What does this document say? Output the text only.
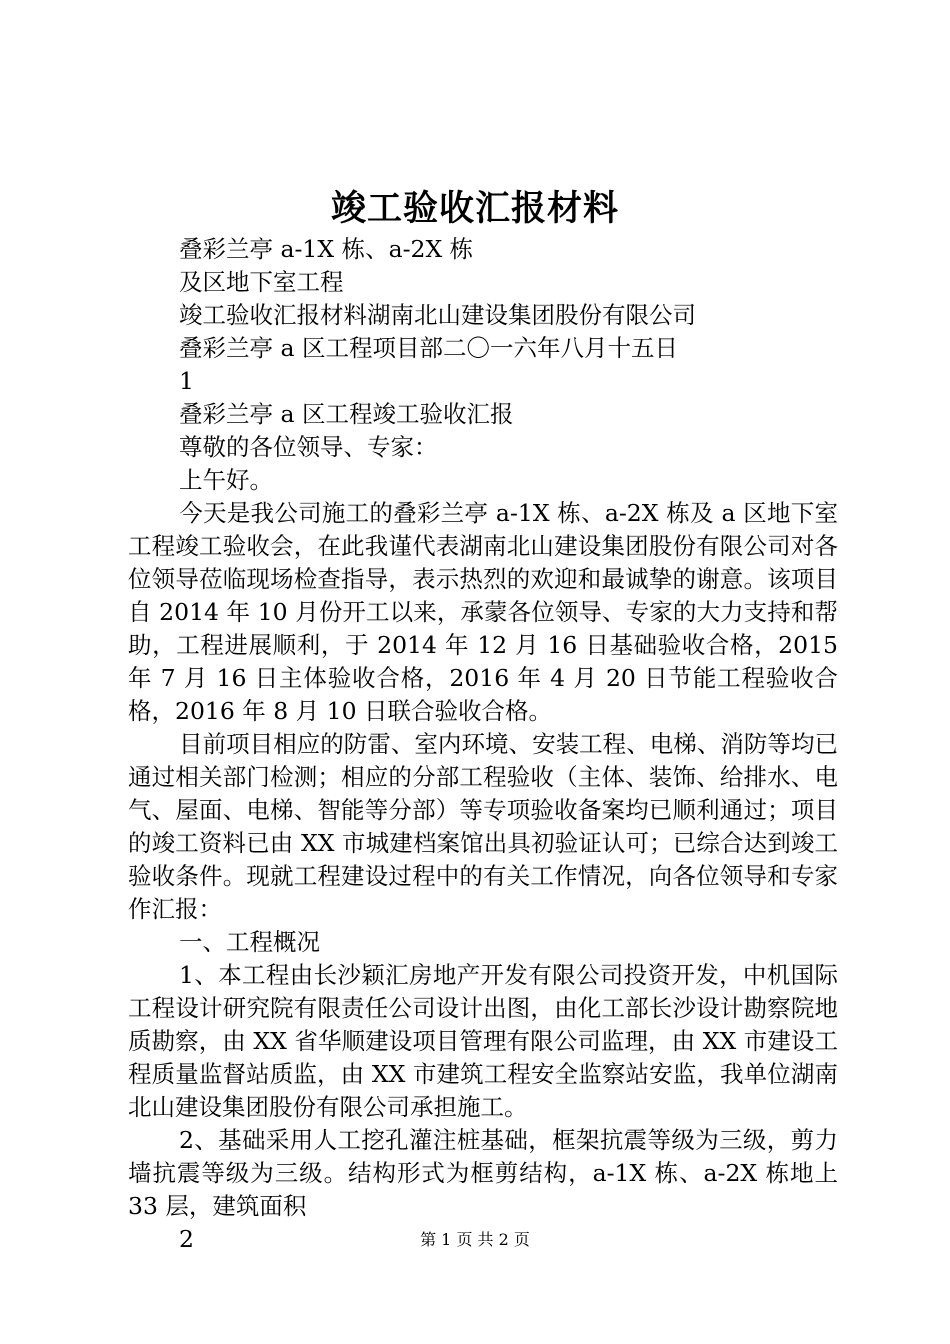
竣工验收汇报材料

叠彩兰亭 a-1X 栋、a-2X 栋

及区地下室工程

竣工验收汇报材料湖南北山建设集团股份有限公司

叠彩兰亭 a 区工程项目部二〇一六年八月十五日

1

叠彩兰亭 a 区工程竣工验收汇报

尊敬的各位领导、专家：

上午好。

今天是我公司施工的叠彩兰亭 a-1X 栋、a-2X 栋及 a 区地下室工程竣工验收会，在此我谨代表湖南北山建设集团股份有限公司对各位领导莅临现场检查指导，表示热烈的欢迎和最诚挚的谢意。该项目自 2014 年 10 月份开工以来，承蒙各位领导、专家的大力支持和帮助，工程进展顺利，于 2014 年 12 月 16 日基础验收合格，2015 年 7 月 16 日主体验收合格，2016 年 4 月 20 日节能工程验收合格，2016 年 8 月 10 日联合验收合格。

目前项目相应的防雷、室内环境、安装工程、电梯、消防等均已通过相关部门检测；相应的分部工程验收（主体、装饰、给排水、电气、屋面、电梯、智能等分部）等专项验收备案均已顺利通过；项目的竣工资料已由 XX 市城建档案馆出具初验证认可；已综合达到竣工验收条件。现就工程建设过程中的有关工作情况，向各位领导和专家作汇报：

一、工程概况

1、本工程由长沙颖汇房地产开发有限公司投资开发，中机国际工程设计研究院有限责任公司设计出图，由化工部长沙设计勘察院地质勘察，由 XX 省华顺建设项目管理有限公司监理，由 XX 市建设工程质量监督站质监，由 XX 市建筑工程安全监察站安监，我单位湖南北山建设集团股份有限公司承担施工。

2、基础采用人工挖孔灌注桩基础，框架抗震等级为三级，剪力墙抗震等级为三级。结构形式为框剪结构，a-1X 栋、a-2X 栋地上 33 层，建筑面积

2	第 1 页 共 2 页
